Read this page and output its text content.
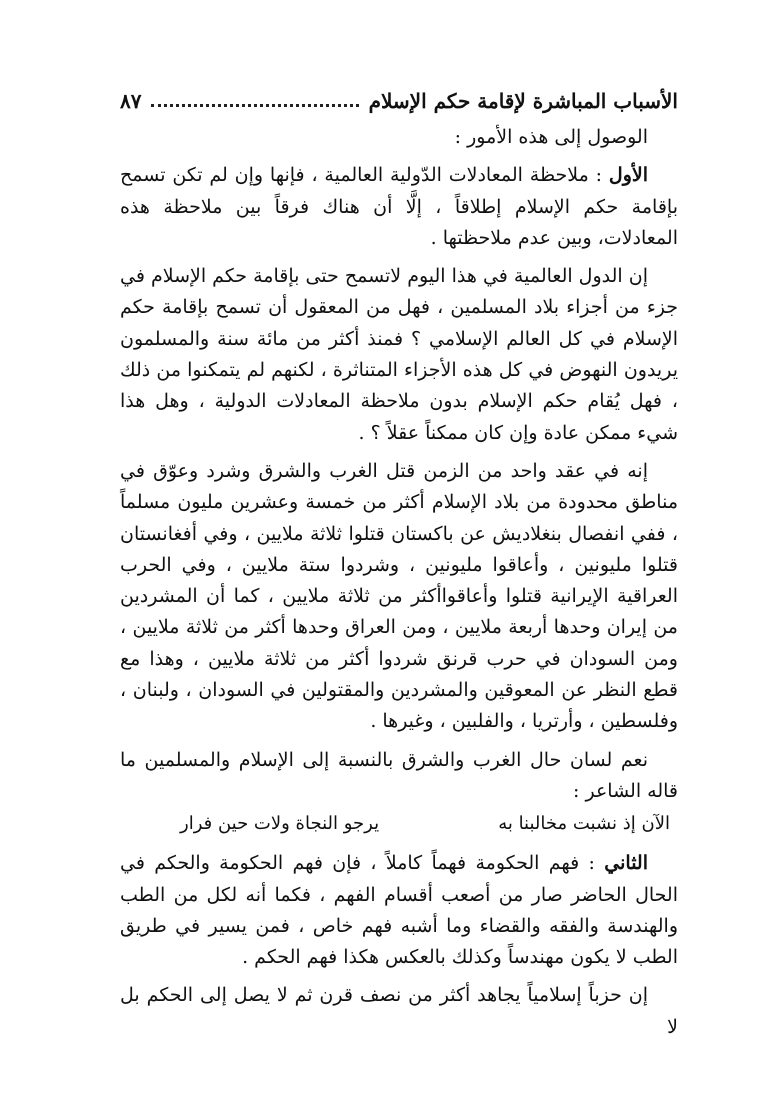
الأسباب المباشرة لإقامة حكم الإسلام
٨٧

الوصول إلى هذه الأمور :

الأول : ملاحظة المعادلات الدّولية العالمية ، فإنها وإن لم تكن تسمح بإقامة حكم الإسلام إطلاقاً ، إلَّا أن هناك فرقاً بين ملاحظة هذه المعادلات، وبين عدم ملاحظتها .

إن الدول العالمية في هذا اليوم لاتسمح حتى بإقامة حكم الإسلام في جزء من أجزاء بلاد المسلمين ، فهل من المعقول أن تسمح بإقامة حكم الإسلام في كل العالم الإسلامي ؟ فمنذ أكثر من مائة سنة والمسلمون يريدون النهوض في كل هذه الأجزاء المتناثرة ، لكنهم لم يتمكنوا من ذلك ، فهل يُقام حكم الإسلام بدون ملاحظة المعادلات الدولية ، وهل هذا شيء ممكن عادة وإن كان ممكناً عقلاً ؟ .

إنه في عقد واحد من الزمن قتل الغرب والشرق وشرد وعوّق في مناطق محدودة من بلاد الإسلام أكثر من خمسة وعشرين مليون مسلماً ، ففي انفصال بنغلاديش عن باكستان قتلوا ثلاثة ملايين ، وفي أفغانستان قتلوا مليونين ، وأعاقوا مليونين ، وشردوا ستة ملايين ، وفي الحرب العراقية الإيرانية قتلوا وأعاقواأكثر من ثلاثة ملايين ، كما أن المشردين من إيران وحدها أربعة ملايين ، ومن العراق وحدها أكثر من ثلاثة ملايين ، ومن السودان في حرب قرنق شردوا أكثر من ثلاثة ملايين ، وهذا مع قطع النظر عن المعوقين والمشردين والمقتولين في السودان ، ولبنان ، وفلسطين ، وأرتريا ، والفلبين ، وغيرها .

نعم لسان حال الغرب والشرق بالنسبة إلى الإسلام والمسلمين ما قاله الشاعر :

الآن إذ نشبت مخالبنا به
يرجو النجاة ولات حين فرار

الثاني : فهم الحكومة فهماً كاملاً ، فإن فهم الحكومة والحكم في الحال الحاضر صار من أصعب أقسام الفهم ، فكما أنه لكل من الطب والهندسة والفقه والقضاء وما أشبه فهم خاص ، فمن يسير في طريق الطب لا يكون مهندساً وكذلك بالعكس هكذا فهم الحكم .

إن حزباً إسلامياً يجاهد أكثر من نصف قرن ثم لا يصل إلى الحكم بل لا
